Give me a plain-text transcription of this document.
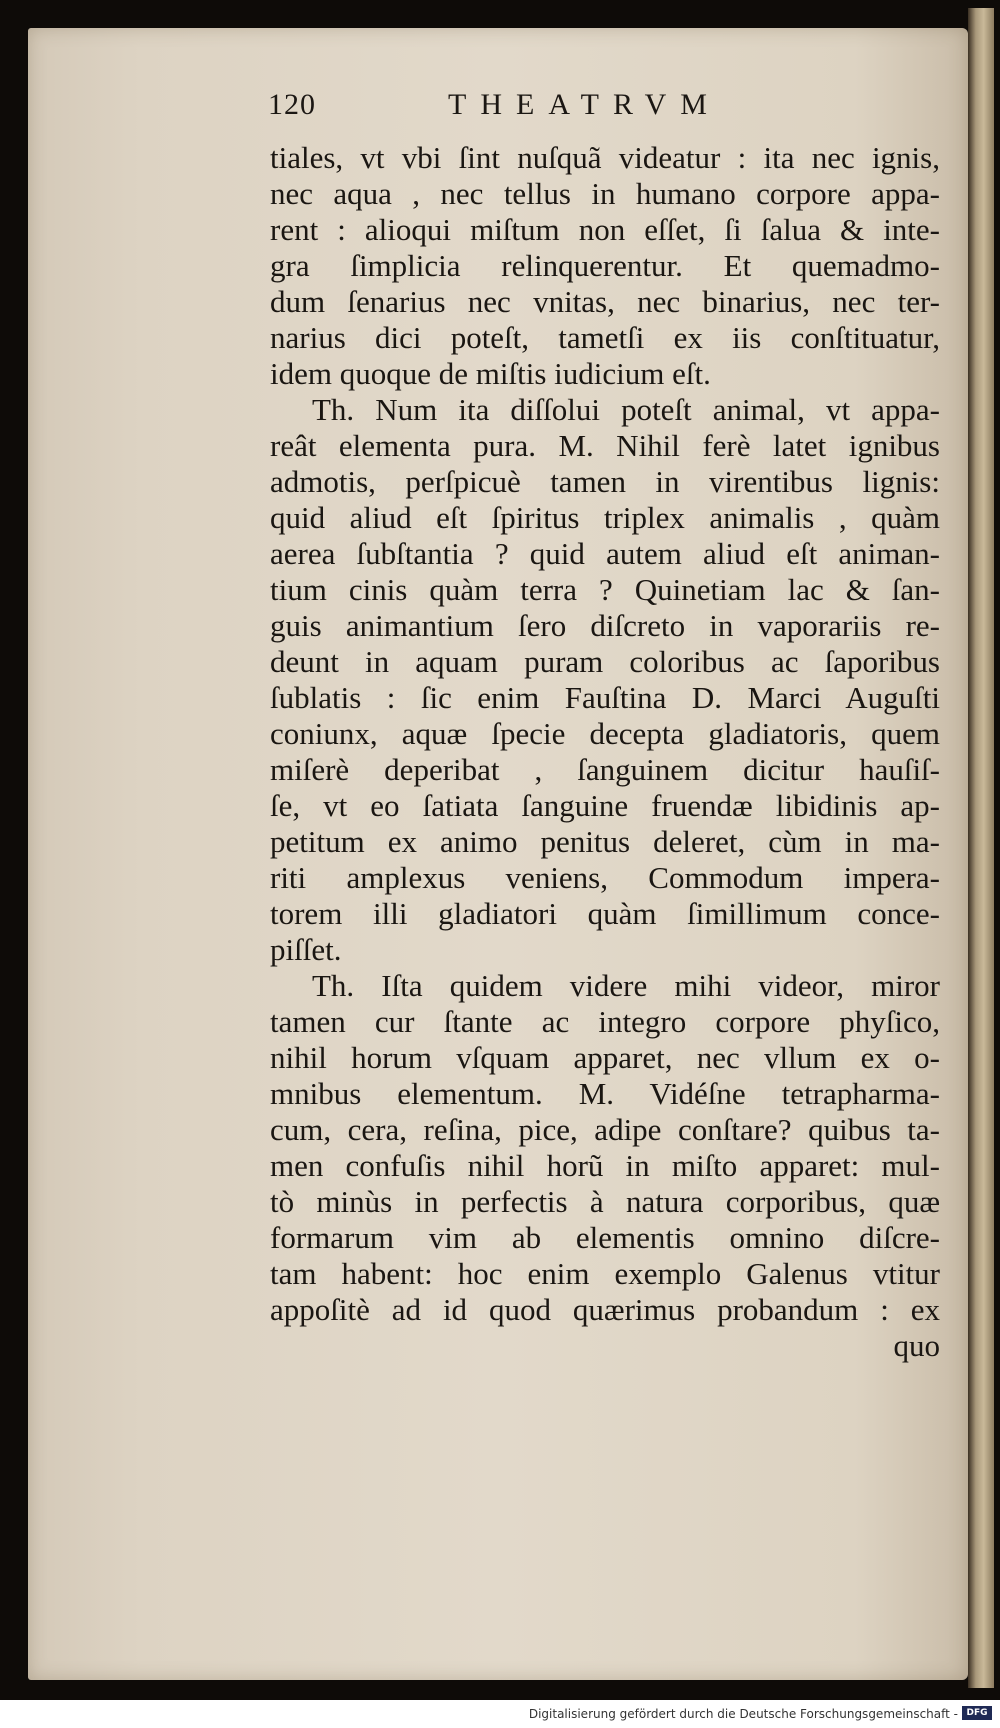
120	THEATRVM
tiales, vt vbi ſint nuſquã videatur : ita nec ignis,
nec aqua , nec tellus in humano corpore appa-
rent : alioqui miſtum non eſſet, ſi ſalua & inte-
gra ſimplicia relinquerentur. Et quemadmo-
dum ſenarius nec vnitas, nec binarius, nec ter-
narius dici poteſt, tametſi ex iis conſtituatur,
idem quoque de miſtis iudicium eſt.
Th. Num ita diſſolui poteſt animal, vt appa-
reât elementa pura. M. Nihil ferè latet ignibus
admotis, perſpicuè tamen in virentibus lignis:
quid aliud eſt ſpiritus triplex animalis , quàm
aerea ſubſtantia ? quid autem aliud eſt animan-
tium cinis quàm terra ? Quinetiam lac & ſan-
guis animantium ſero diſcreto in vaporariis re-
deunt in aquam puram coloribus ac ſaporibus
ſublatis : ſic enim Fauſtina D. Marci Auguſti
coniunx, aquæ ſpecie decepta gladiatoris, quem
miſerè deperibat , ſanguinem dicitur hauſiſ-
ſe, vt eo ſatiata ſanguine fruendæ libidinis ap-
petitum ex animo penitus deleret, cùm in ma-
riti amplexus veniens, Commodum impera-
torem illi gladiatori quàm ſimillimum conce-
piſſet.
Th. Iſta quidem videre mihi videor, miror
tamen cur ſtante ac integro corpore phyſico,
nihil horum vſquam apparet, nec vllum ex o-
mnibus elementum. M. Vidéſne tetrapharma-
cum, cera, reſina, pice, adipe conſtare? quibus ta-
men confuſis nihil horũ in miſto apparet: mul-
tò minùs in perfectis à natura corporibus, quæ
formarum vim ab elementis omnino diſcre-
tam habent: hoc enim exemplo Galenus vtitur
appoſitè ad id quod quærimus probandum : ex
quo
Digitalisierung gefördert durch die Deutsche Forschungsgemeinschaft - DFG
